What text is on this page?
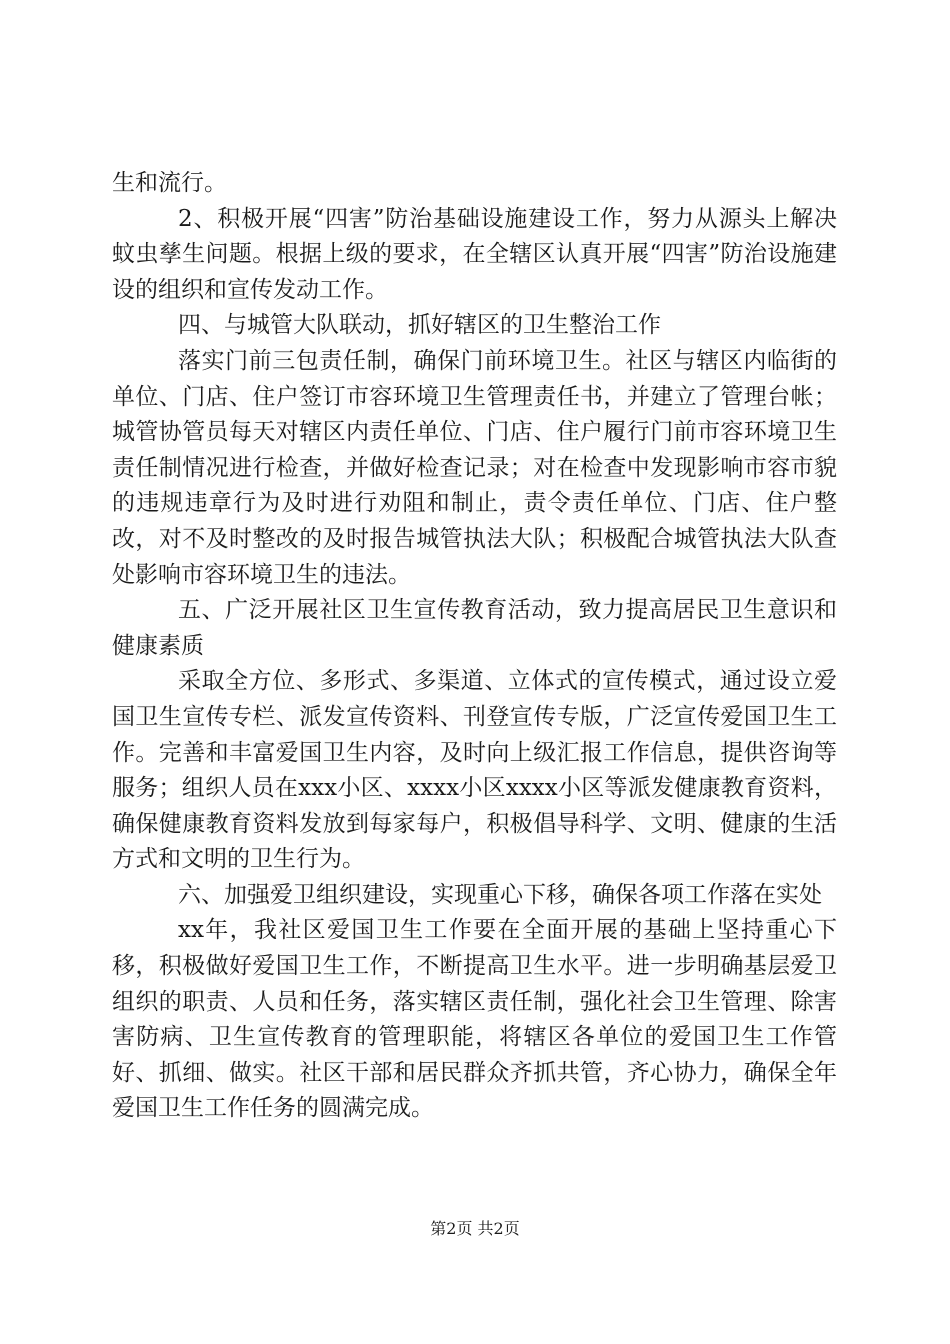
生和流行。

2、积极开展“四害”防治基础设施建设工作，努力从源头上解决蚊虫孳生问题。根据上级的要求，在全辖区认真开展“四害”防治设施建设的组织和宣传发动工作。

四、与城管大队联动，抓好辖区的卫生整治工作

落实门前三包责任制，确保门前环境卫生。社区与辖区内临街的单位、门店、住户签订市容环境卫生管理责任书，并建立了管理台帐；城管协管员每天对辖区内责任单位、门店、住户履行门前市容环境卫生责任制情况进行检查，并做好检查记录；对在检查中发现影响市容市貌的违规违章行为及时进行劝阻和制止，责令责任单位、门店、住户整改，对不及时整改的及时报告城管执法大队；积极配合城管执法大队查处影响市容环境卫生的违法。

五、广泛开展社区卫生宣传教育活动，致力提高居民卫生意识和健康素质

采取全方位、多形式、多渠道、立体式的宣传模式，通过设立爱国卫生宣传专栏、派发宣传资料、刊登宣传专版，广泛宣传爱国卫生工作。完善和丰富爱国卫生内容，及时向上级汇报工作信息，提供咨询等服务；组织人员在xxx小区、xxxx小区xxxx小区等派发健康教育资料，确保健康教育资料发放到每家每户，积极倡导科学、文明、健康的生活方式和文明的卫生行为。

六、加强爱卫组织建设，实现重心下移，确保各项工作落在实处

xx年，我社区爱国卫生工作要在全面开展的基础上坚持重心下移，积极做好爱国卫生工作，不断提高卫生水平。进一步明确基层爱卫组织的职责、人员和任务，落实辖区责任制，强化社会卫生管理、除害害防病、卫生宣传教育的管理职能，将辖区各单位的爱国卫生工作管好、抓细、做实。社区干部和居民群众齐抓共管，齐心协力，确保全年爱国卫生工作任务的圆满完成。

第2页 共2页
